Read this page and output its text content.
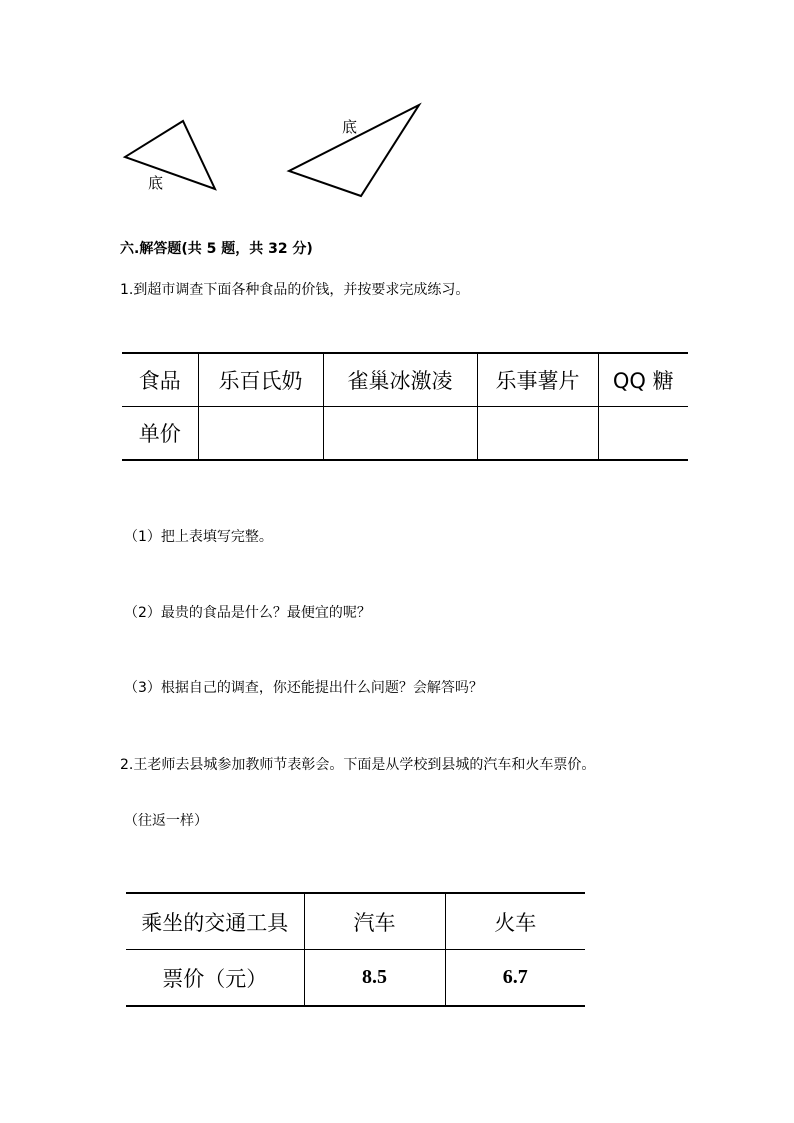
底
底
六.解答题(共 5 题，共 32 分)
1.到超市调查下面各种食品的价钱，并按要求完成练习。
食品	乐百氏奶	雀巢冰激凌	乐事薯片	QQ 糖
单价				
（1）把上表填写完整。
（2）最贵的食品是什么？最便宜的呢？
（3）根据自己的调查，你还能提出什么问题？会解答吗？
2.王老师去县城参加教师节表彰会。下面是从学校到县城的汽车和火车票价。
（往返一样）
乘坐的交通工具	汽车	火车
票价（元）	8.5	6.7
